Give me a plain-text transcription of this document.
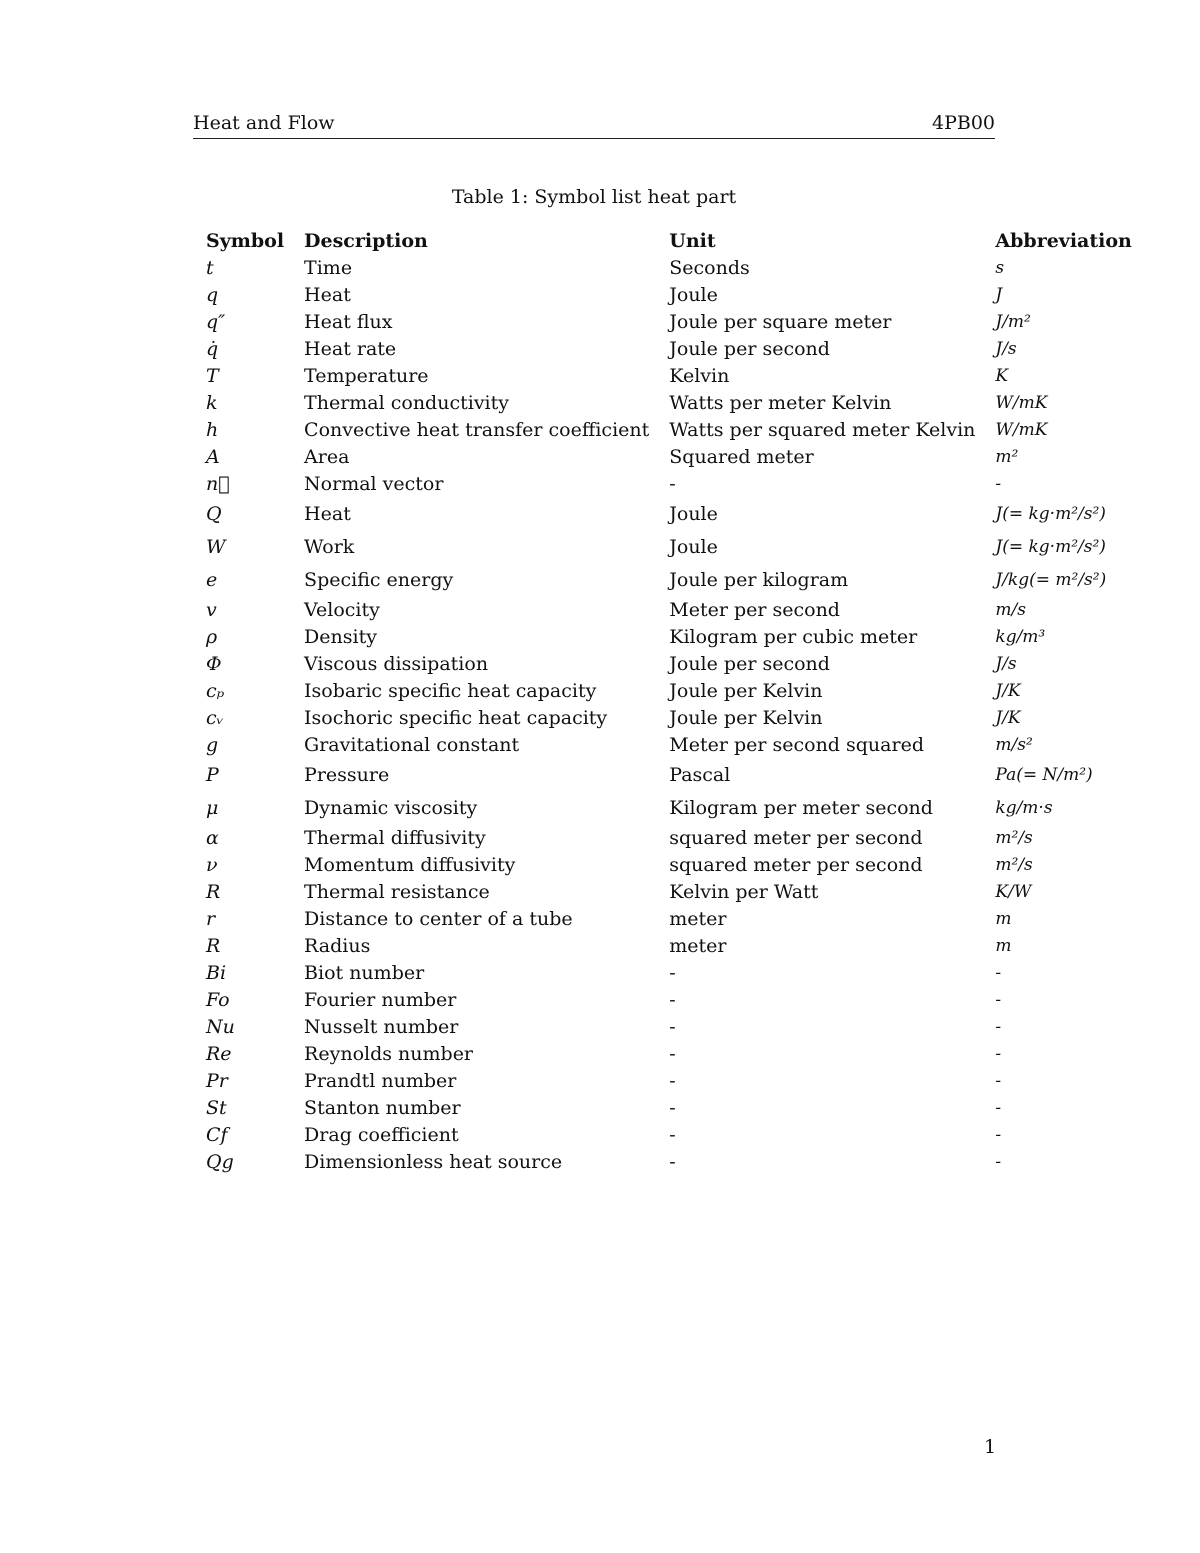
Heat and Flow	4PB00
Table 1: Symbol list heat part
Symbol	Description	Unit	Abbreviation
t	Time	Seconds	s
q	Heat	Joule	J
q″	Heat flux	Joule per square meter	J/m²
q̇	Heat rate	Joule per second	J/s
T	Temperature	Kelvin	K
k	Thermal conductivity	Watts per meter Kelvin	W/mK
h	Convective heat transfer coefficient	Watts per squared meter Kelvin	W/mK
A	Area	Squared meter	m²
n⃗	Normal vector	-	-
Q	Heat	Joule	J(= kg·m²/s²)
W	Work	Joule	J(= kg·m²/s²)
e	Specific energy	Joule per kilogram	J/kg(= m²/s²)
v	Velocity	Meter per second	m/s
ρ	Density	Kilogram per cubic meter	kg/m³
Φ	Viscous dissipation	Joule per second	J/s
cₚ	Isobaric specific heat capacity	Joule per Kelvin	J/K
cᵥ	Isochoric specific heat capacity	Joule per Kelvin	J/K
g	Gravitational constant	Meter per second squared	m/s²
P	Pressure	Pascal	Pa(= N/m²)
μ	Dynamic viscosity	Kilogram per meter second	kg/m·s
α	Thermal diffusivity	squared meter per second	m²/s
ν	Momentum diffusivity	squared meter per second	m²/s
R	Thermal resistance	Kelvin per Watt	K/W
r	Distance to center of a tube	meter	m
R	Radius	meter	m
Bi	Biot number	-	-
Fo	Fourier number	-	-
Nu	Nusselt number	-	-
Re	Reynolds number	-	-
Pr	Prandtl number	-	-
St	Stanton number	-	-
Cf	Drag coefficient	-	-
Qg	Dimensionless heat source	-	-
1
